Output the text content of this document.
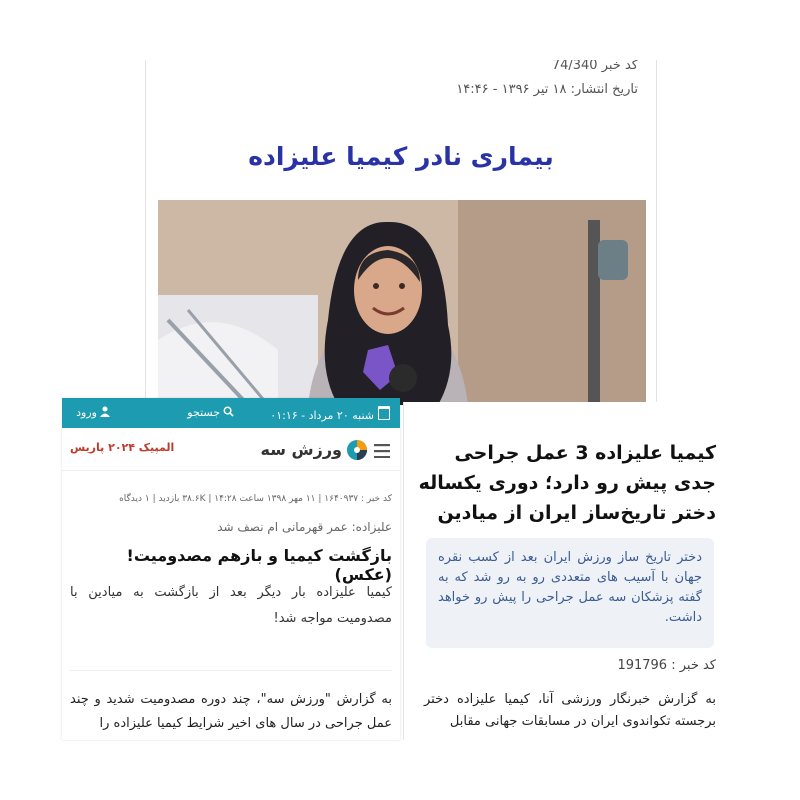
کد خبر 74/340
تاریخ انتشار: ۱۸ تیر ۱۳۹۶ - ۱۴:۴۶
بیماری نادر کیمیا علیزاده
کیمیا علیزاده 3 عمل جراحی جدی پیش رو دارد؛ دوری یکساله دختر تاریخ‌ساز ایران از میادین
دختر تاریخ ساز ورزش ایران بعد از کسب نقره جهان با آسیب های متعددی رو به رو شد که به گفته پزشکان سه عمل جراحی را پیش رو خواهد داشت.
کد خبر : 191796
به گزارش خبرنگار ورزشی آنا، کیمیا علیزاده دختر برجسته تکواندوی ایران در مسابقات جهانی مقابل
شنبه ۲۰ مرداد - ۰۱:۱۶
جستجو
ورود
ورزش سه
المپیک ۲۰۲۴ پاریس
کد خبر : ۱۶۴۰۹۳۷ | ۱۱ مهر ۱۳۹۸ ساعت ۱۴:۲۸ | ۳۸.۶K بازدید | ۱ دیدگاه
علیزاده: عمر قهرمانی ام نصف شد
بازگشت کیمیا و بازهم مصدومیت! (عکس)
کیمیا علیزاده بار دیگر بعد از بازگشت به میادین با مصدومیت مواجه شد!
به گزارش "ورزش سه"، چند دوره مصدومیت شدید و چند عمل جراحی در سال های اخیر شرایط کیمیا علیزاده را
